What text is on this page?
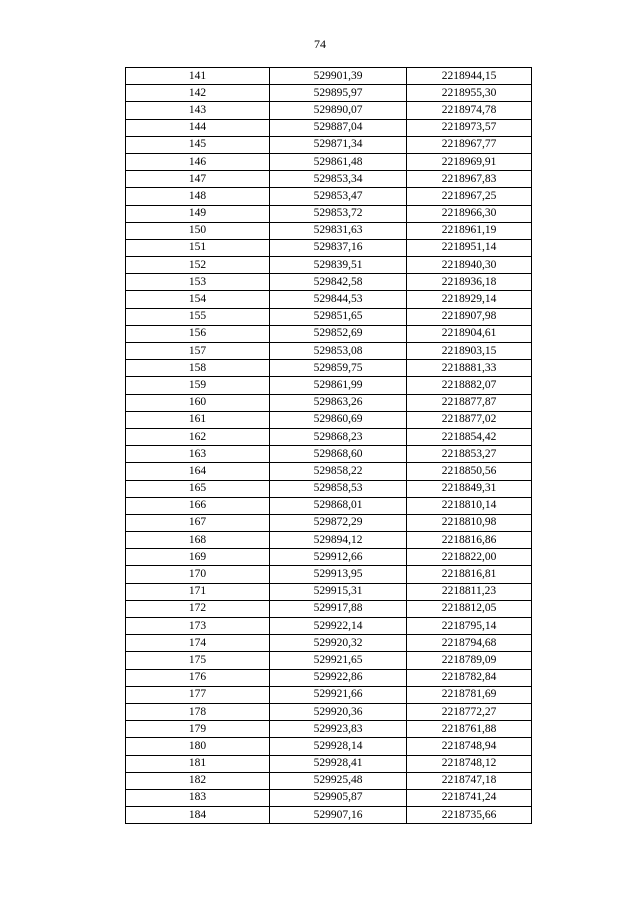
74
141	529901,39	2218944,15
142	529895,97	2218955,30
143	529890,07	2218974,78
144	529887,04	2218973,57
145	529871,34	2218967,77
146	529861,48	2218969,91
147	529853,34	2218967,83
148	529853,47	2218967,25
149	529853,72	2218966,30
150	529831,63	2218961,19
151	529837,16	2218951,14
152	529839,51	2218940,30
153	529842,58	2218936,18
154	529844,53	2218929,14
155	529851,65	2218907,98
156	529852,69	2218904,61
157	529853,08	2218903,15
158	529859,75	2218881,33
159	529861,99	2218882,07
160	529863,26	2218877,87
161	529860,69	2218877,02
162	529868,23	2218854,42
163	529868,60	2218853,27
164	529858,22	2218850,56
165	529858,53	2218849,31
166	529868,01	2218810,14
167	529872,29	2218810,98
168	529894,12	2218816,86
169	529912,66	2218822,00
170	529913,95	2218816,81
171	529915,31	2218811,23
172	529917,88	2218812,05
173	529922,14	2218795,14
174	529920,32	2218794,68
175	529921,65	2218789,09
176	529922,86	2218782,84
177	529921,66	2218781,69
178	529920,36	2218772,27
179	529923,83	2218761,88
180	529928,14	2218748,94
181	529928,41	2218748,12
182	529925,48	2218747,18
183	529905,87	2218741,24
184	529907,16	2218735,66
